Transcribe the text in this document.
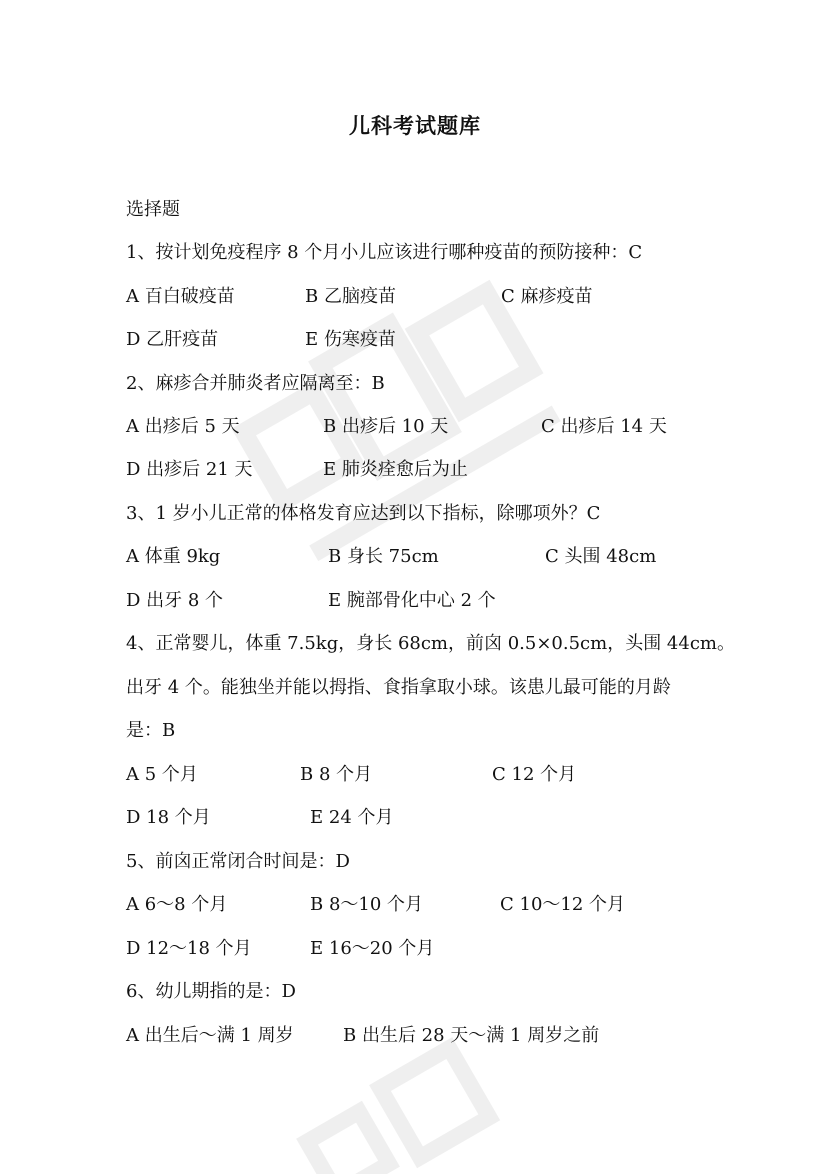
儿科考试题库
选择题
1、按计划免疫程序 8 个月小儿应该进行哪种疫苗的预防接种：C
A 百白破疫苗	B 乙脑疫苗	C 麻疹疫苗
D 乙肝疫苗	E 伤寒疫苗
2、麻疹合并肺炎者应隔离至：B
A 出疹后 5 天	B 出疹后 10 天	C 出疹后 14 天
D 出疹后 21 天	E 肺炎痊愈后为止
3、1 岁小儿正常的体格发育应达到以下指标，除哪项外？C
A 体重 9kg	B 身长 75cm	C 头围 48cm
D 出牙 8 个	E 腕部骨化中心 2 个
4、正常婴儿，体重 7.5kg，身长 68cm，前囟 0.5×0.5cm，头围 44cm。
出牙 4 个。能独坐并能以拇指、食指拿取小球。该患儿最可能的月龄
是：B
A 5 个月	B 8 个月	C 12 个月
D 18 个月	E 24 个月
5、前囟正常闭合时间是：D
A 6～8 个月	B 8～10 个月	C 10～12 个月
D 12～18 个月	E 16～20 个月
6、幼儿期指的是：D
A 出生后～满 1 周岁	B 出生后 28 天～满 1 周岁之前
